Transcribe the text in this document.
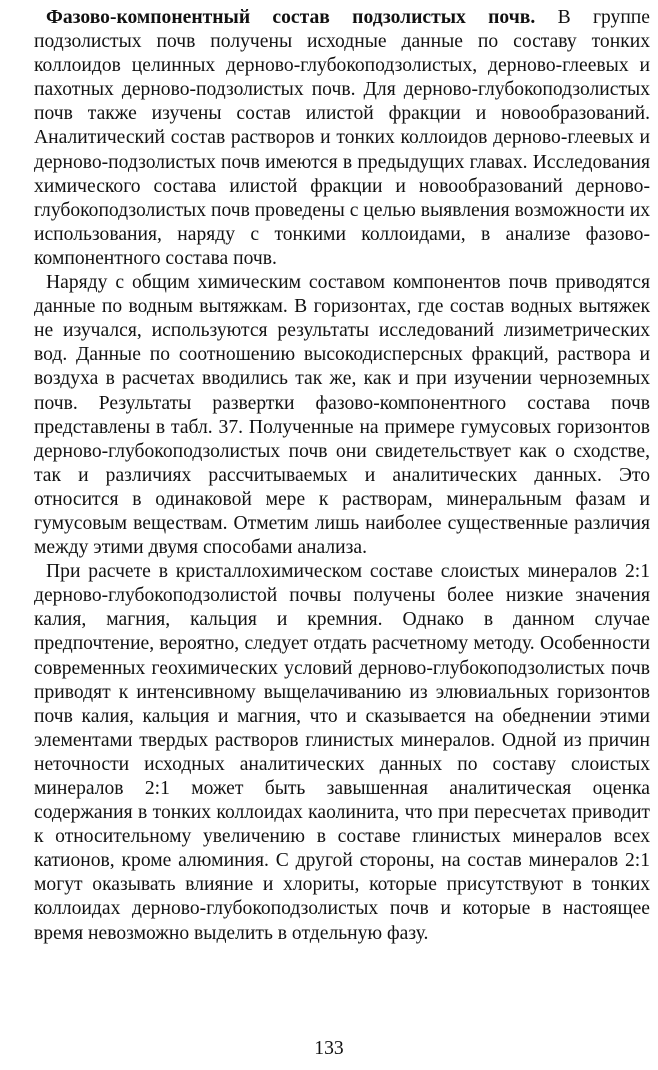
Фазово-компонентный состав подзолистых почв. В группе подзолистых почв получены исходные данные по составу тонких коллоидов целинных дерново-глубокоподзолистых, дерново-глеевых и пахотных дерново-подзолистых почв. Для дерново-глубокоподзолистых почв также изучены состав илистой фракции и новообразований. Аналитический состав растворов и тонких коллоидов дерново-глеевых и дерново-подзолистых почв имеются в предыдущих главах. Исследования химического состава илистой фракции и новообразований дерново-глубокоподзолистых почв проведены с целью выявления возможности их использования, наряду с тонкими коллоидами, в анализе фазово-компонентного состава почв.

Наряду с общим химическим составом компонентов почв приводятся данные по водным вытяжкам. В горизонтах, где состав водных вытяжек не изучался, используются результаты исследований лизиметрических вод. Данные по соотношению высокодисперсных фракций, раствора и воздуха в расчетах вводились так же, как и при изучении черноземных почв. Результаты развертки фазово-компонентного состава почв представлены в табл. 37. Полученные на примере гумусовых горизонтов дерново-глубокоподзолистых почв они свидетельствует как о сходстве, так и различиях рассчитываемых и аналитических данных. Это относится в одинаковой мере к растворам, минеральным фазам и гумусовым веществам. Отметим лишь наиболее существенные различия между этими двумя способами анализа.

При расчете в кристаллохимическом составе слоистых минералов 2:1 дерново-глубокоподзолистой почвы получены более низкие значения калия, магния, кальция и кремния. Однако в данном случае предпочтение, вероятно, следует отдать расчетному методу. Особенности современных геохимических условий дерново-глубокоподзолистых почв приводят к интенсивному выщелачиванию из элювиальных горизонтов почв калия, кальция и магния, что и сказывается на обеднении этими элементами твердых растворов глинистых минералов. Одной из причин неточности исходных аналитических данных по составу слоистых минералов 2:1 может быть завышенная аналитическая оценка содержания в тонких коллоидах каолинита, что при пересчетах приводит к относительному увеличению в составе глинистых минералов всех катионов, кроме алюминия. С другой стороны, на состав минералов 2:1 могут оказывать влияние и хлориты, которые присутствуют в тонких коллоидах дерново-глубокоподзолистых почв и которые в настоящее время невозможно выделить в отдельную фазу.

133
